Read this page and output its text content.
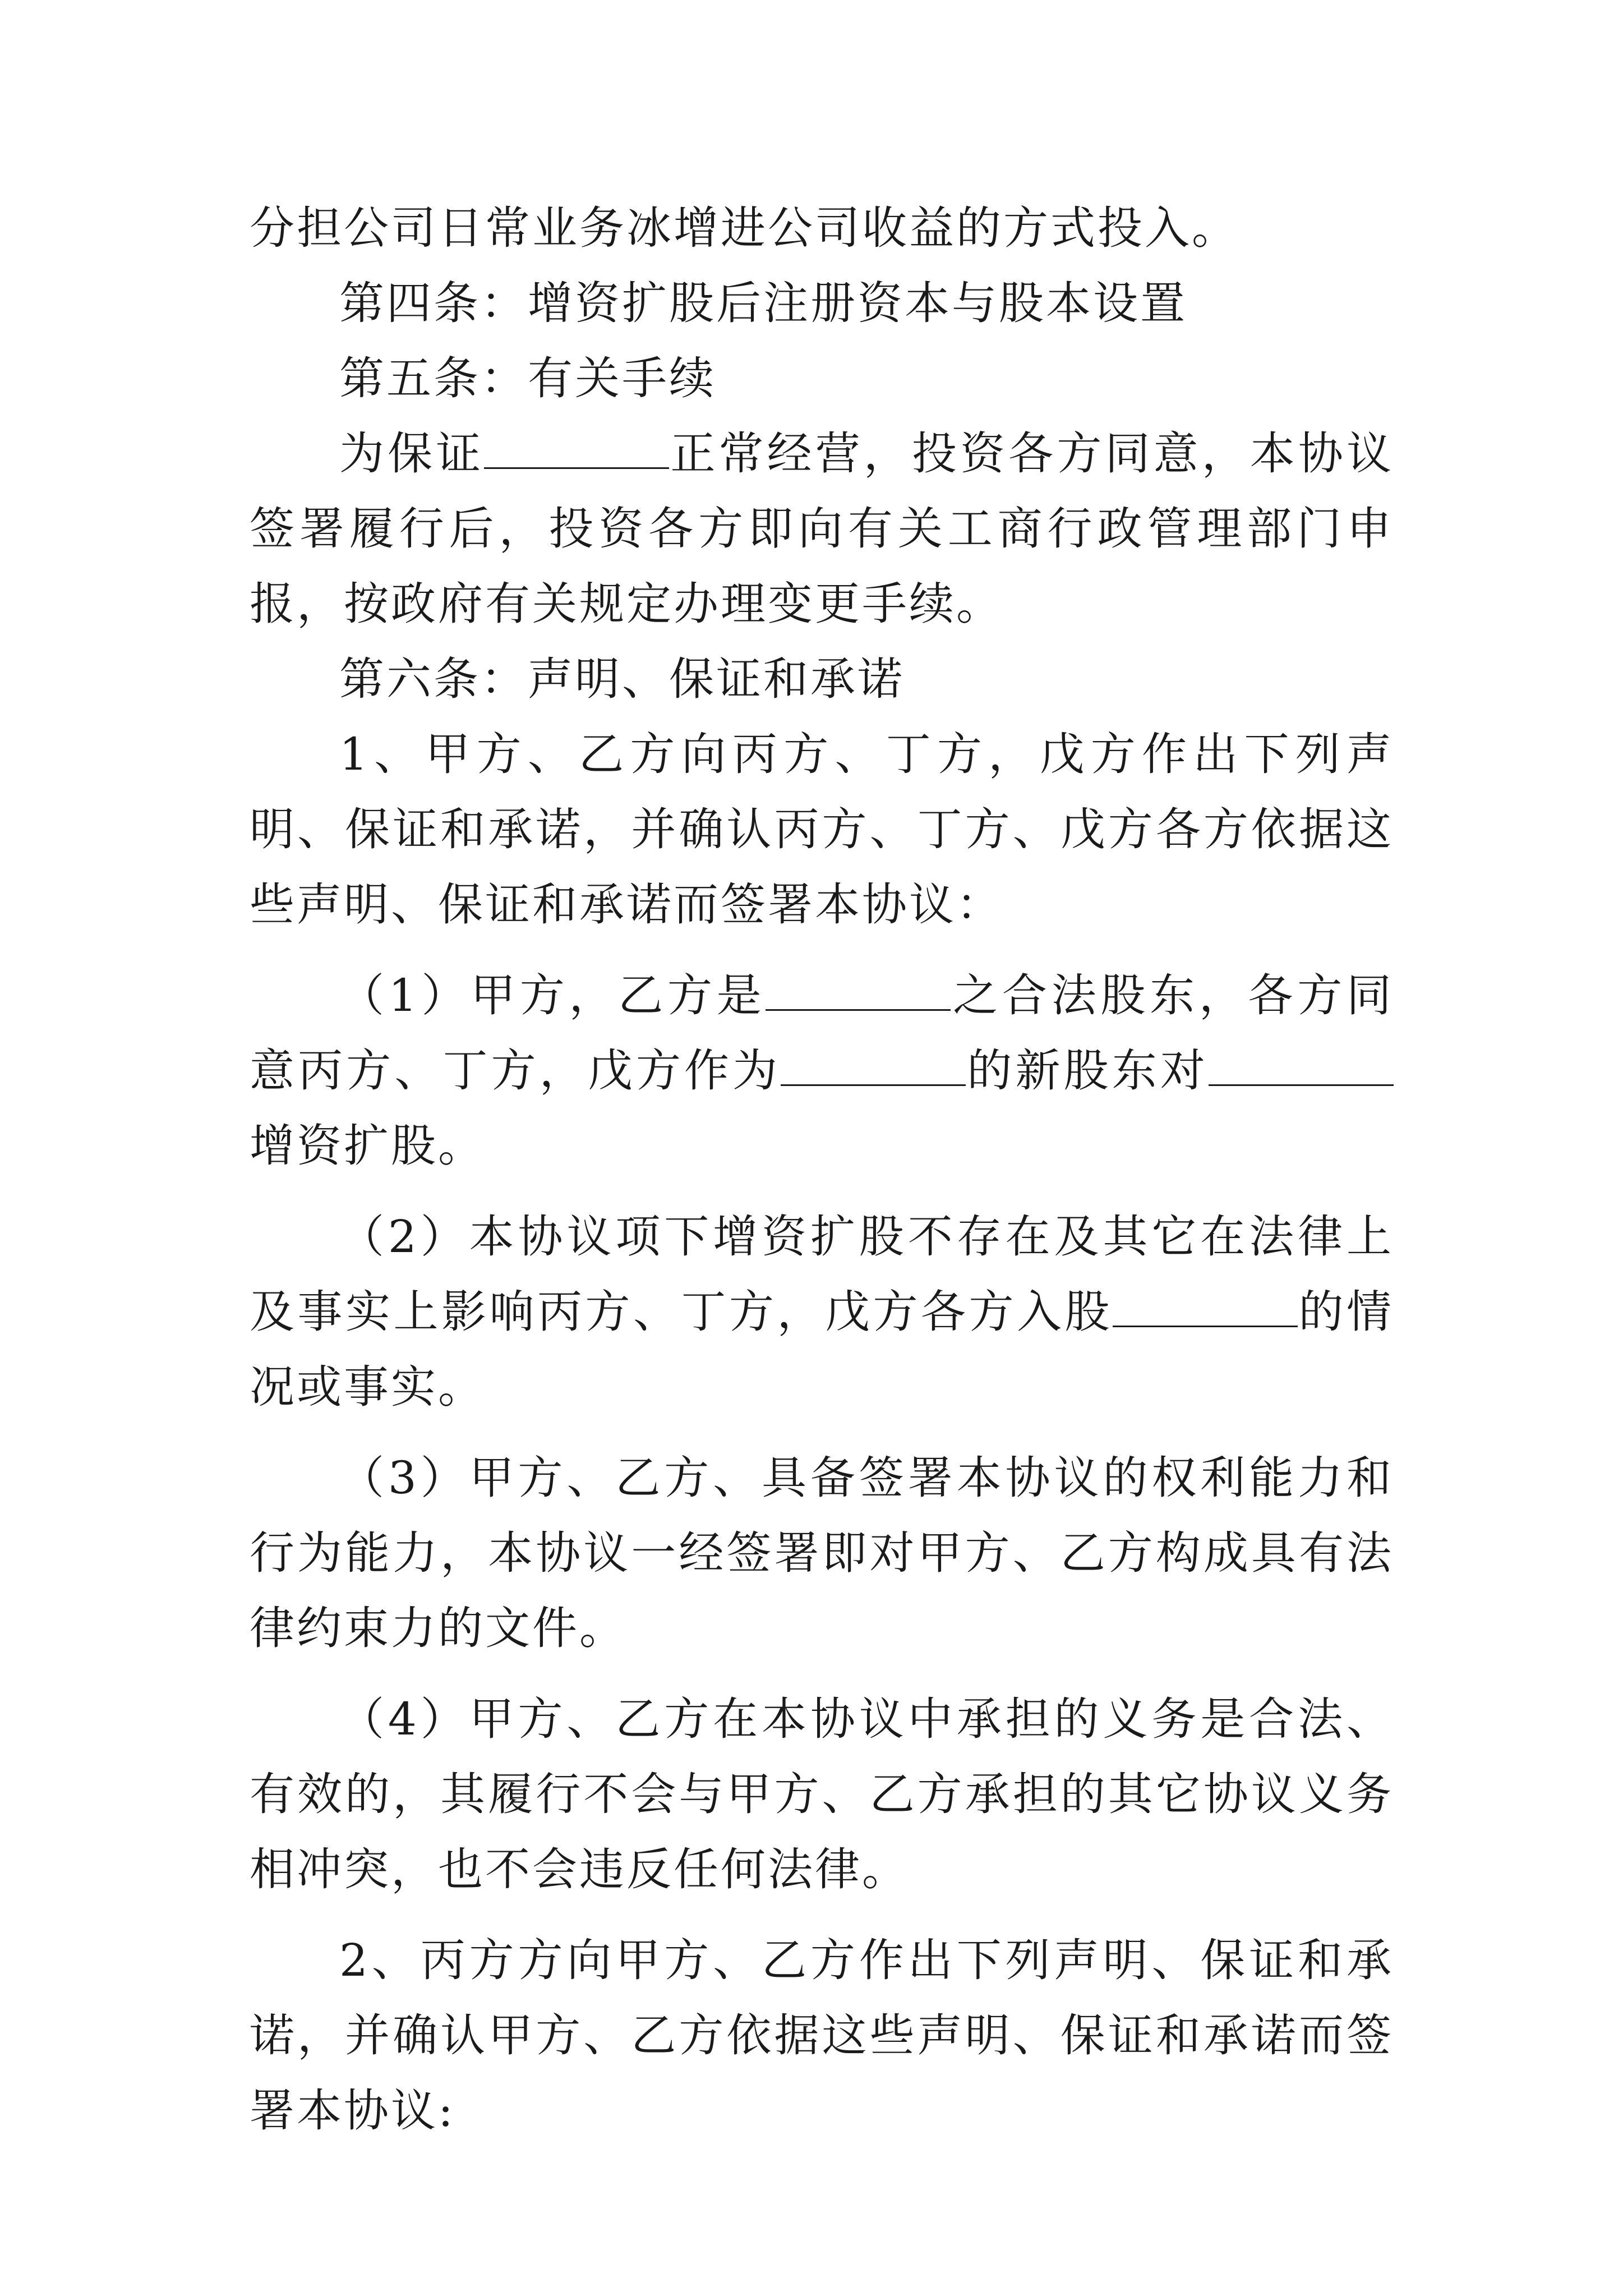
分担公司日常业务冰增进公司收益的方式投入。

第四条：增资扩股后注册资本与股本设置

第五条：有关手续

为保证	正常经营，投资各方同意，本协议签署履行后，投资各方即向有关工商行政管理部门申报，按政府有关规定办理变更手续。

第六条：声明、保证和承诺

1、甲方、乙方向丙方、丁方，戊方作出下列声明、保证和承诺，并确认丙方、丁方、戊方各方依据这些声明、保证和承诺而签署本协议：

（1）甲方，乙方是	之合法股东，各方同意丙方、丁方，戊方作为	的新股东对增资扩股。

（2）本协议项下增资扩股不存在及其它在法律上及事实上影响丙方、丁方，戊方各方入股	的情况或事实。

（3）甲方、乙方、具备签署本协议的权利能力和行为能力，本协议一经签署即对甲方、乙方构成具有法律约束力的文件。

（4）甲方、乙方在本协议中承担的义务是合法、有效的，其履行不会与甲方、乙方承担的其它协议义务相冲突，也不会违反任何法律。

2、丙方方向甲方、乙方作出下列声明、保证和承诺，并确认甲方、乙方依据这些声明、保证和承诺而签署本协议:
